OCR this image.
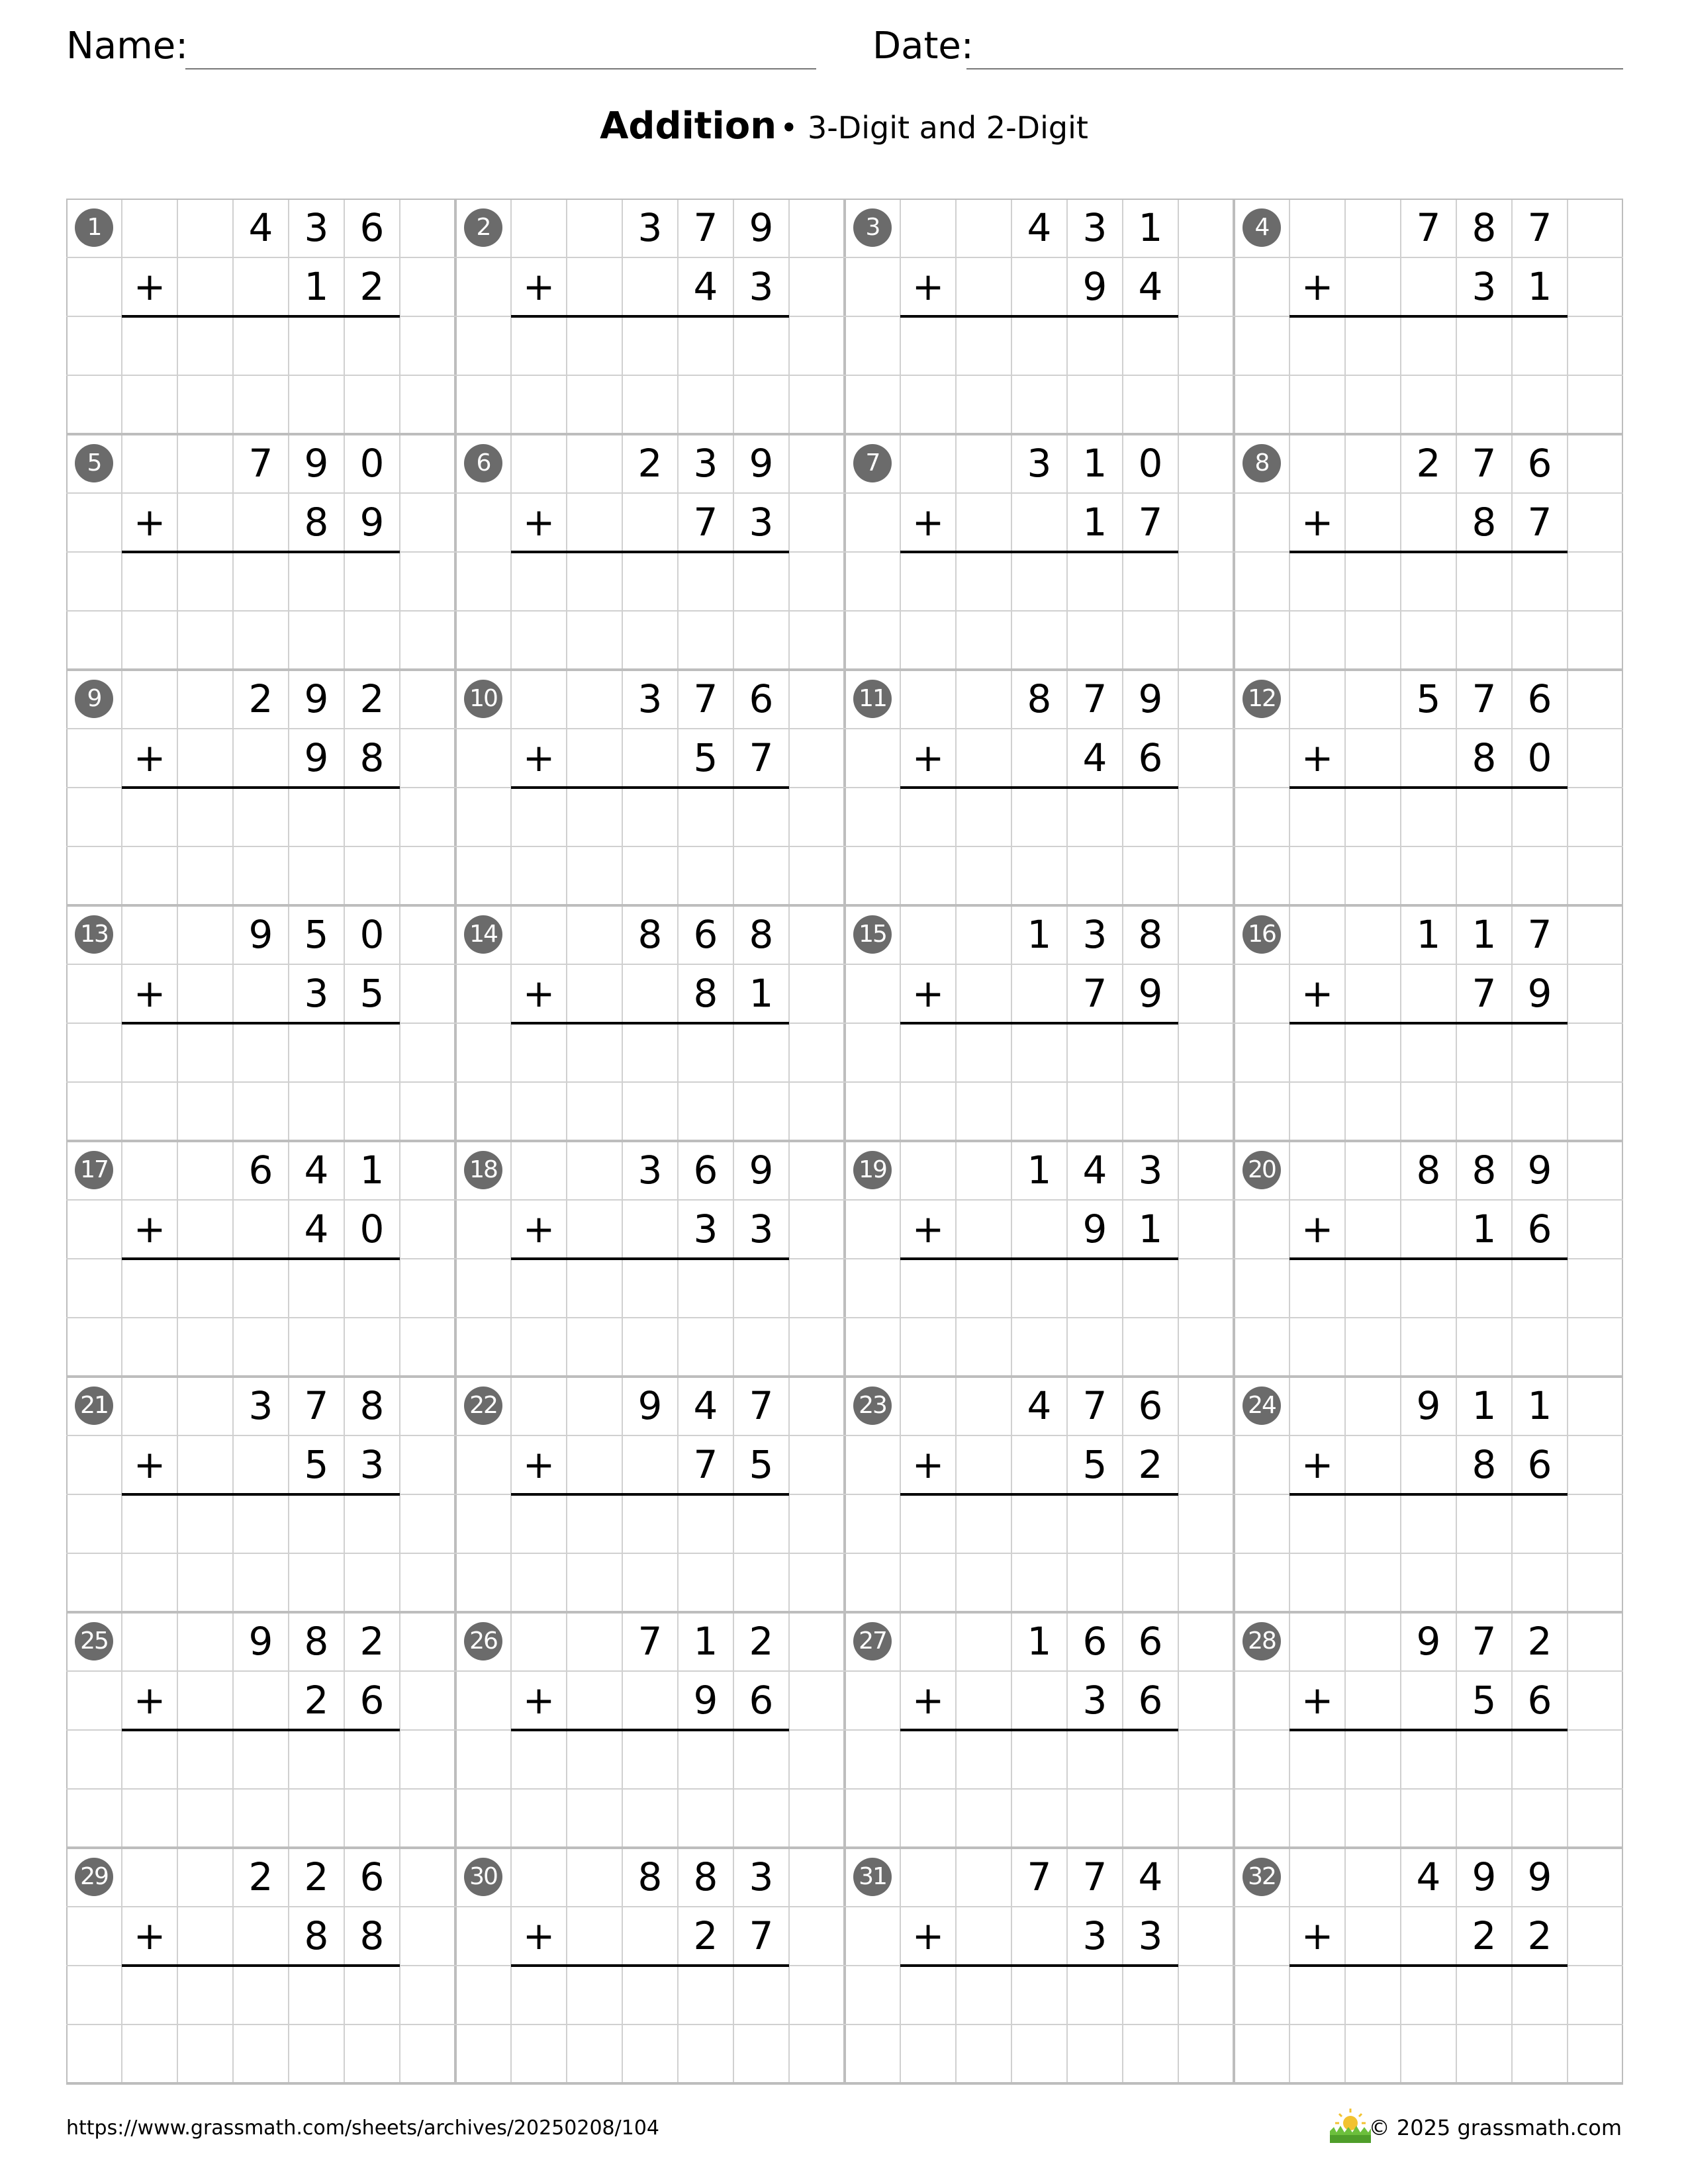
Name:	Date:
Addition • 3-Digit and 2-Digit
1	4 3 6
1 2
+
2	3 7 9
4 3
+
3	4 3 1
9 4
+
4	7 8 7
3 1
+
5	7 9 0
8 9
+
6	2 3 9
7 3
+
7	3 1 0
1 7
+
8	2 7 6
8 7
+
9	2 9 2
9 8
+
10	3 7 6
5 7
+
11	8 7 9
4 6
+
12	5 7 6
8 0
+
13	9 5 0
3 5
+
14	8 6 8
8 1
+
15	1 3 8
7 9
+
16	1 1 7
7 9
+
17	6 4 1
4 0
+
18	3 6 9
3 3
+
19	1 4 3
9 1
+
20	8 8 9
1 6
+
21	3 7 8
5 3
+
22	9 4 7
7 5
+
23	4 7 6
5 2
+
24	9 1 1
8 6
+
25	9 8 2
2 6
+
26	7 1 2
9 6
+
27	1 6 6
3 6
+
28	9 7 2
5 6
+
29	2 2 6
8 8
+
30	8 8 3
2 7
+
31	7 7 4
3 3
+
32	4 9 9
2 2
+
https://www.grassmath.com/sheets/archives/20250208/104	© 2025 grassmath.com
